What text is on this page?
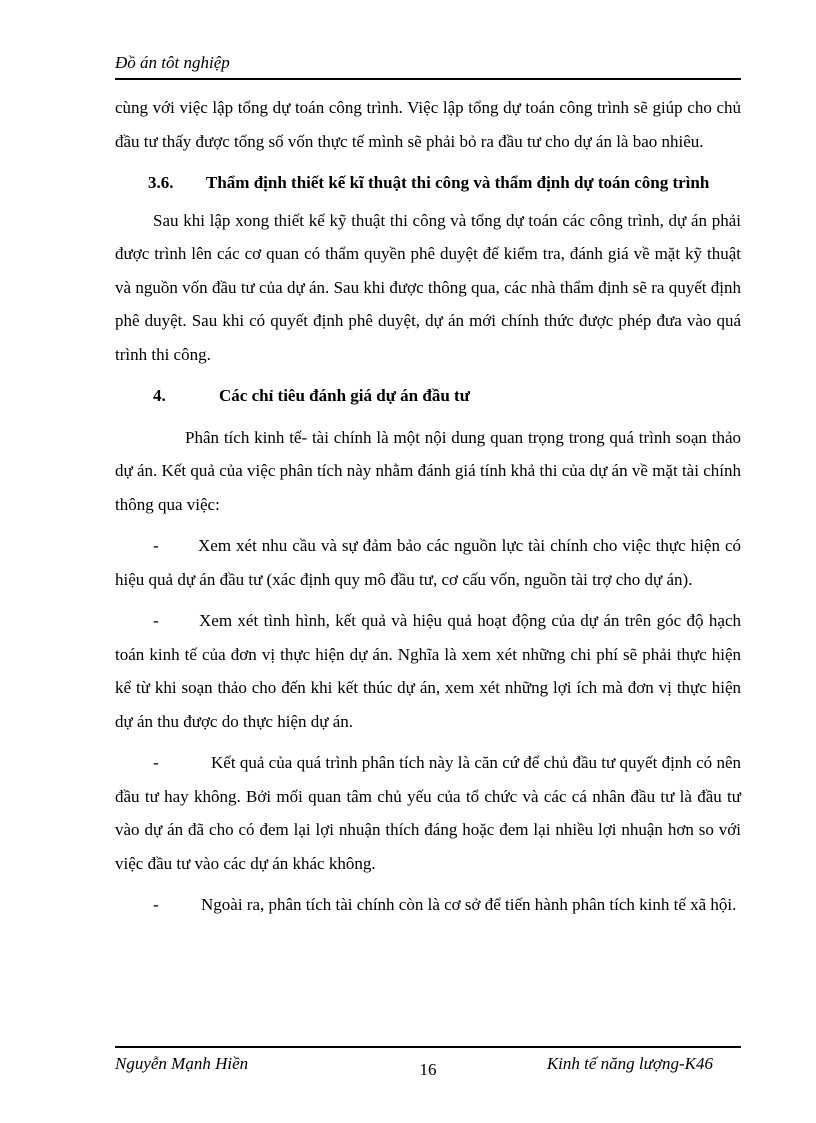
Đồ án tôt nghiệp

cùng với việc lập tổng dự toán công trình. Việc lập tổng dự toán công trình sẽ giúp cho chủ đầu tư thấy được tổng số vốn thực tế mình sẽ phải bỏ ra đầu tư cho dự án là bao nhiêu.

3.6. Thẩm định thiết kế kĩ thuật thi công và thẩm định dự toán công trình

Sau khi lập xong thiết kế kỹ thuật thi công và tổng dự toán các công trình, dự án phải được trình lên các cơ quan có thẩm quyền phê duyệt để kiểm tra, đánh giá về mặt kỹ thuật và nguồn vốn đầu tư của dự án. Sau khi được thông qua, các nhà thẩm định sẽ ra quyết định phê duyệt. Sau khi có quyết định phê duyệt, dự án mới chính thức được phép đưa vào quá trình thi công.

4.	Các chỉ tiêu đánh giá dự án đầu tư

Phân tích kinh tế- tài chính là một nội dung quan trọng trong quá trình soạn thảo dự án. Kết quả của việc phân tích này nhằm đánh giá tính khả thi của dự án về mặt tài chính thông qua việc:

- Xem xét nhu cầu và sự đảm bảo các nguồn lực tài chính cho việc thực hiện có hiệu quả dự án đầu tư (xác định quy mô đầu tư, cơ cấu vốn, nguồn tài trợ cho dự án).

- Xem xét tình hình, kết quả và hiệu quả hoạt động của dự án trên góc độ hạch toán kinh tế của đơn vị thực hiện dự án. Nghĩa là xem xét những chi phí sẽ phải thực hiện kể từ khi soạn thảo cho đến khi kết thúc dự án, xem xét những lợi ích mà đơn vị thực hiện dự án thu được do thực hiện dự án.

-	Kết quả của quá trình phân tích này là căn cứ để chủ đầu tư quyết định có nên đầu tư hay không. Bởi mối quan tâm chủ yếu của tổ chức và các cá nhân đầu tư là đầu tư vào dự án đã cho có đem lại lợi nhuận thích đáng hoặc đem lại nhiều lợi nhuận hơn so với việc đầu tư vào các dự án khác không.

- Ngoài ra, phân tích tài chính còn là cơ sở để tiến hành phân tích kinh tế xã hội.

Nguyễn Mạnh Hiền	16	Kinh tế năng lượng-K46
